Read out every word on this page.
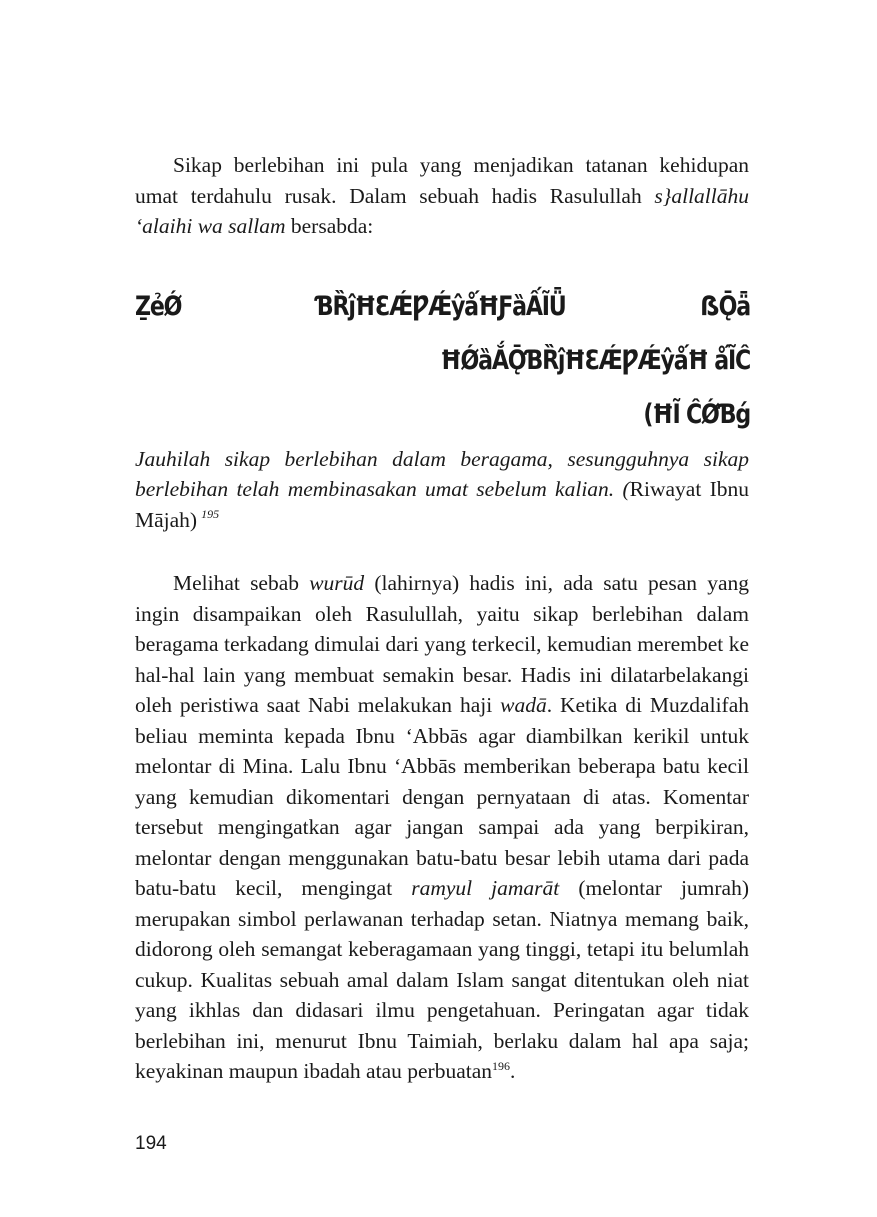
Sikap berlebihan ini pula yang menjadikan tatanan kehidupan umat terdahulu rusak. Dalam sebuah hadis Rasulullah s}allallāhu ‘alaihi wa sallam bersabda:

ẔẻǾ ƁȐĵĦƐǼǷǼŷǻĦƑȁẤĨǕ ẞǬǟ ĦǾȁẮǬƁȐĵĦƐǼǷǼŷǻĦ ǻĨĈ
(ĦĨ ĈǾƁǵ

Jauhilah sikap berlebihan dalam beragama, sesungguhnya sikap berlebihan telah membinasakan umat sebelum kalian. (Riwayat Ibnu Mājah) $^{195}$

Melihat sebab wurūd (lahirnya) hadis ini, ada satu pesan yang ingin disampaikan oleh Rasulullah, yaitu sikap berlebihan dalam beragama terkadang dimulai dari yang terkecil, kemudian merembet ke hal-hal lain yang membuat semakin besar. Hadis ini dilatarbelakangi oleh peristiwa saat Nabi melakukan haji wadā. Ketika di Muzdalifah beliau meminta kepada Ibnu ‘Abbās agar diambilkan kerikil untuk melontar di Mina. Lalu Ibnu ‘Abbās memberikan beberapa batu kecil yang kemudian dikomentari dengan pernyataan di atas. Komentar tersebut mengingatkan agar jangan sampai ada yang berpikiran, melontar dengan menggunakan batu-batu besar lebih utama dari pada batu-batu kecil, mengingat ramyul jamarāt (melontar jumrah) merupakan simbol perlawanan terhadap setan. Niatnya memang baik, didorong oleh semangat keberagamaan yang tinggi, tetapi itu belumlah cukup. Kualitas sebuah amal dalam Islam sangat ditentukan oleh niat yang ikhlas dan didasari ilmu pengetahuan. Peringatan agar tidak berlebihan ini, menurut Ibnu Taimiah, berlaku dalam hal apa saja; keyakinan maupun ibadah atau perbuatan$^{196}$.

194
